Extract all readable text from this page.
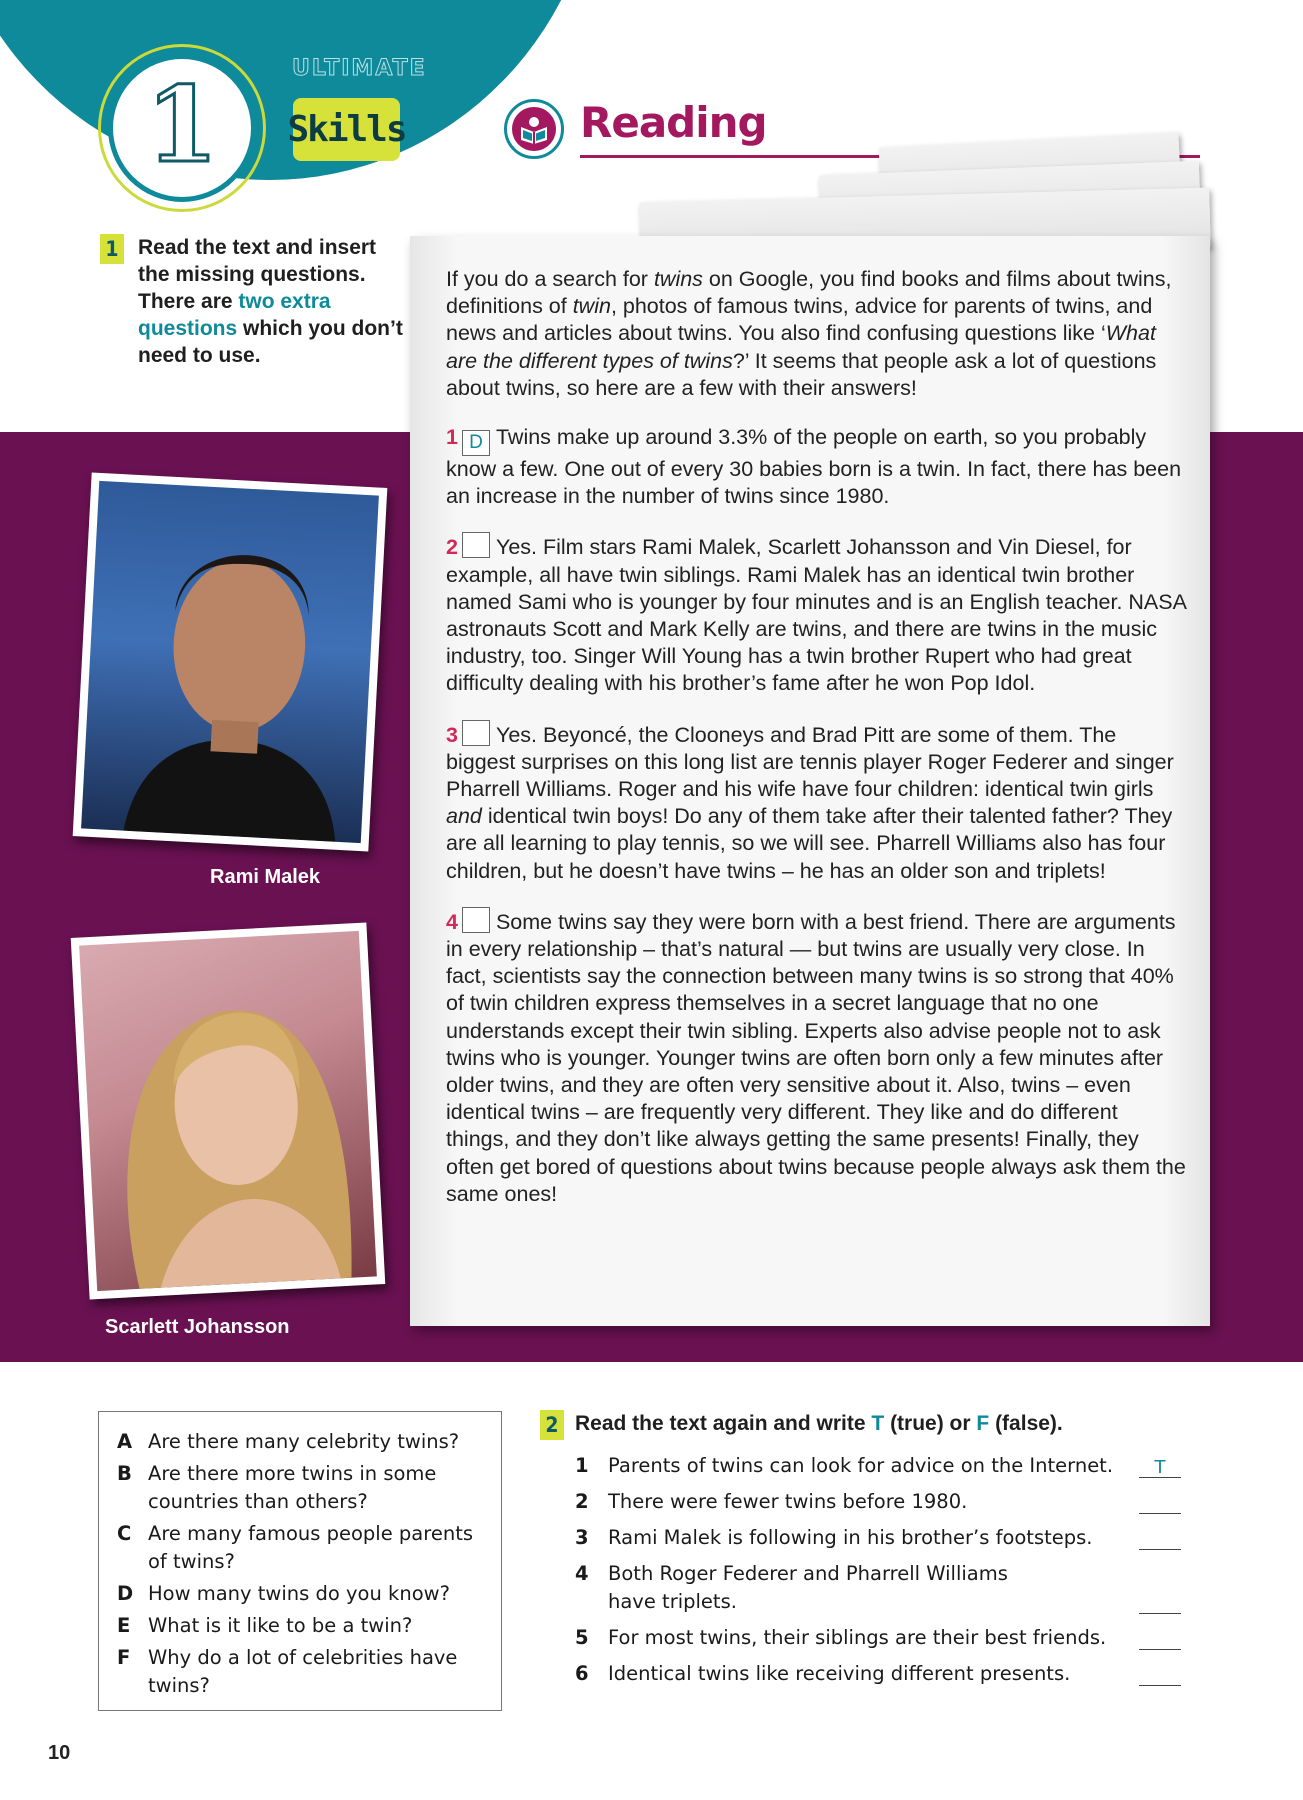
1	ULTIMATE
Skills	Reading
1 Read the text and insert the missing questions. There are two extra questions which you don’t need to use.
Rami Malek
Scarlett Johansson

If you do a search for twins on Google, you find books and films about twins, definitions of twin, photos of famous twins, advice for parents of twins, and news and articles about twins. You also find confusing questions like ‘What are the different types of twins?’ It seems that people ask a lot of questions about twins, so here are a few with their answers!

1 D Twins make up around 3.3% of the people on earth, so you probably know a few. One out of every 30 babies born is a twin. In fact, there has been an increase in the number of twins since 1980.

2 Yes. Film stars Rami Malek, Scarlett Johansson and Vin Diesel, for example, all have twin siblings. Rami Malek has an identical twin brother named Sami who is younger by four minutes and is an English teacher. NASA astronauts Scott and Mark Kelly are twins, and there are twins in the music industry, too. Singer Will Young has a twin brother Rupert who had great difficulty dealing with his brother’s fame after he won Pop Idol.

3 Yes. Beyoncé, the Clooneys and Brad Pitt are some of them. The biggest surprises on this long list are tennis player Roger Federer and singer Pharrell Williams. Roger and his wife have four children: identical twin girls and identical twin boys! Do any of them take after their talented father? They are all learning to play tennis, so we will see. Pharrell Williams also has four children, but he doesn’t have twins – he has an older son and triplets!

4 Some twins say they were born with a best friend. There are arguments in every relationship – that’s natural — but twins are usually very close. In fact, scientists say the connection between many twins is so strong that 40% of twin children express themselves in a secret language that no one understands except their twin sibling. Experts also advise people not to ask twins who is younger. Younger twins are often born only a few minutes after older twins, and they are often very sensitive about it. Also, twins – even identical twins – are frequently very different. They like and do different things, and they don’t like always getting the same presents! Finally, they often get bored of questions about twins because people always ask them the same ones!

A Are there many celebrity twins?
B Are there more twins in some countries than others?
C Are many famous people parents of twins?
D How many twins do you know?
E What is it like to be a twin?
F Why do a lot of celebrities have twins?
2 Read the text again and write T (true) or F (false).
1 Parents of twins can look for advice on the Internet.	T
2 There were fewer twins before 1980.
3 Rami Malek is following in his brother’s footsteps.
4 Both Roger Federer and Pharrell Williams have triplets.
5 For most twins, their siblings are their best friends.
6 Identical twins like receiving different presents.
10
